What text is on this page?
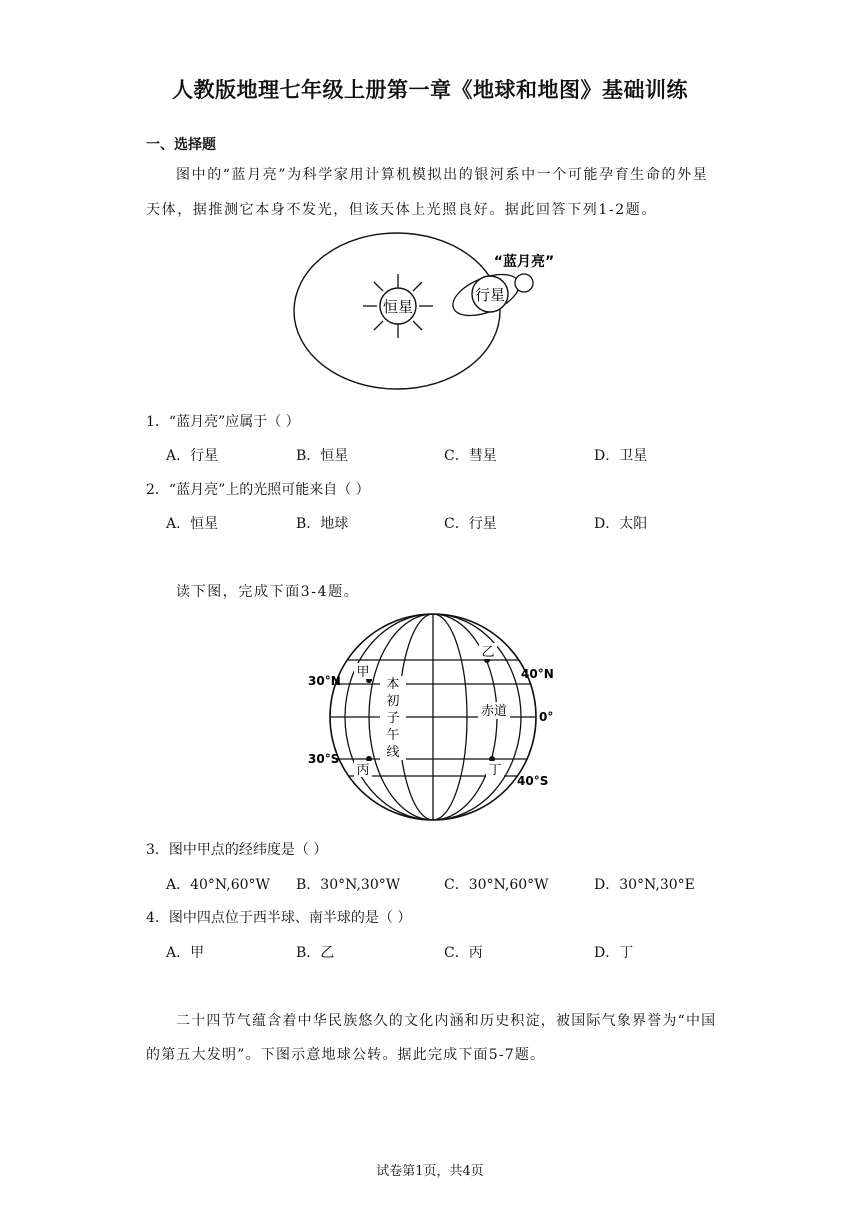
人教版地理七年级上册第一章《地球和地图》基础训练
一、选择题
图中的“蓝月亮”为科学家用计算机模拟出的银河系中一个可能孕育生命的外星
天体，据推测它本身不发光，但该天体上光照良好。据此回答下列1-2题。
恒星
行星
“蓝月亮”
1．“蓝月亮”应属于（ ）
A．行星	B．恒星	C．彗星	D．卫星
2．“蓝月亮”上的光照可能来自（ ）
A．恒星	B．地球	C．行星	D．太阳
读下图，完成下面3-4题。
本
初
子
午
线
赤道
甲
乙
丙	丁
30°N
30°S
40°N
40°S
0°
3．图中甲点的经纬度是（ ）
A．40°N,60°W B．30°N,30°W	C．30°N,60°W	D．30°N,30°E
4．图中四点位于西半球、南半球的是（ ）
A．甲	B．乙	C．丙	D．丁
二十四节气蕴含着中华民族悠久的文化内涵和历史积淀，被国际气象界誉为“中国
的第五大发明”。下图示意地球公转。据此完成下面5-7题。
试卷第1页，共4页
